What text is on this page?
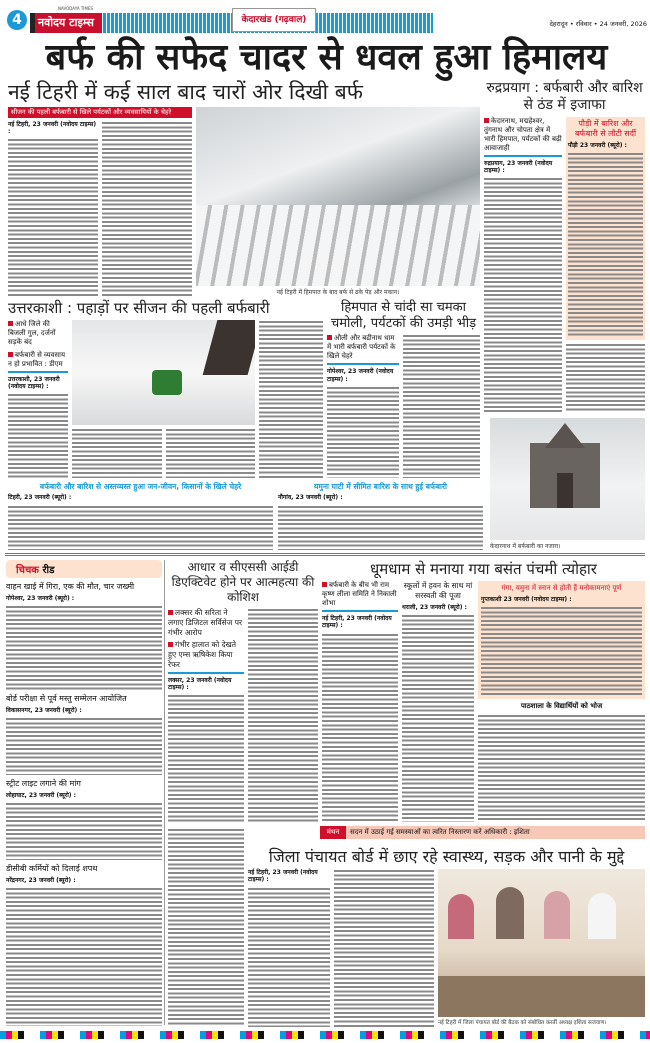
4
NAVODAYA TIMES
नवोदय टाइम्स	केदारखंड (गढ़वाल)	देहरादून • रविवार • 24 जनवरी, 2026
बर्फ की सफेद चादर से धवल हुआ हिमालय
नई टिहरी में कई साल बाद चारों ओर दिखी बर्फ
सीजन की पहली बर्फबारी से खिले पर्यटकों और व्यवसायियों के चेहरे
नई टिहरी, 23 जनवरी (नवोदय टाइम्स) :
नई टिहरी में हिमपात के बाद बर्फ से ढके पेड़ और मकान।
रुद्रप्रयाग : बर्फबारी और बारिश से ठंड में इजाफा
केदारनाथ, मद्महेश्वर, तुंगनाथ और चोपता क्षेत्र में भारी हिमपात, पर्यटकों की बढ़ी आवाजाही
रुद्रप्रयाग, 23 जनवरी (नवोदय टाइम्स) :
पौड़ी में बारिश और बर्फबारी से लौटी सर्दी
पौड़ी 23 जनवरी (ब्यूरो) :
उत्तरकाशी : पहाड़ों पर सीजन की पहली बर्फबारी
आधे जिले की बिजली गुल, दर्जनों सड़कें बंद
बर्फबारी से व्यवसाय न हो प्रभावित : डीएम
उत्तरकाशी, 23 जनवरी (नवोदय टाइम्स) :
हिमपात से चांदी सा चमका चमोली, पर्यटकों की उमड़ी भीड़
औली और बद्रीनाथ धाम में भारी बर्फबारी पर्यटकों के खिले चेहरे
गोपेश्वर, 23 जनवरी (नवोदय टाइम्स) :
बर्फबारी और बारिश से अस्तव्यस्त हुआ जन-जीवन, किसानों के खिले चेहरे
टिहरी, 23 जनवरी (ब्यूरो) :
यमुना घाटी में सीमित बारिश के साथ हुई बर्फबारी
नौगांव, 23 जनवरी (ब्यूरो) :
केदारनाथ में बर्फबारी का नजारा।
चिचक रीड
वाहन खाई में गिरा, एक की मौत, चार जख्मी
गोपेश्वर, 23 जनवरी (ब्यूरो) :
बोर्ड परीक्षा से पूर्व मस्तु सम्मेलन आयोजित
विकासनगर, 23 जनवरी (ब्यूरो) :
स्ट्रीट लाइट लगाने की मांग
लोहाघाट, 23 जनवरी (ब्यूरो) :
डीसीबी कर्मियों को दिलाई शपथ
नरेंद्रनगर, 23 जनवरी (ब्यूरो) :
आधार व सीएससी आईडी डिएक्टिवेट होने पर आत्महत्या की कोशिश
लक्सर की सरिता ने लगाए डिजिटल सर्विसेज पर गंभीर आरोप
गंभीर हालात को देखते हुए एम्स ऋषिकेश किया रेफर
लक्सर, 23 जनवरी (नवोदय टाइम्स) :
धूमधाम से मनाया गया बसंत पंचमी त्योहार
बर्फबारी के बीच भी राम कृष्ण लीला समिति ने निकाली शोभा
नई टिहरी, 23 जनवरी (नवोदय टाइम्स) :
स्कूलों में हवन के साथ मां सरस्वती की पूजा
थराली, 23 जनवरी (ब्यूरो) :
गंगा, यमुना में स्नान से होती हैं मनोकामनाएं पूर्ण
गुप्तकाशी 23 जनवरी (नवोदय टाइम्स) :
पाठशाला के विद्यार्थियों को भोज
मंथन	सदन में उठाई गई समस्याओं का त्वरित निस्तारण करें अधिकारी : इशिता
जिला पंचायत बोर्ड में छाए रहे स्वास्थ्य, सड़क और पानी के मुद्दे
नई टिहरी, 23 जनवरी (नवोदय टाइम्स) :
नई टिहरी में जिला पंचायत बोर्ड की बैठक को संबोधित करतीं अध्यक्ष इशिता सजवाण।
